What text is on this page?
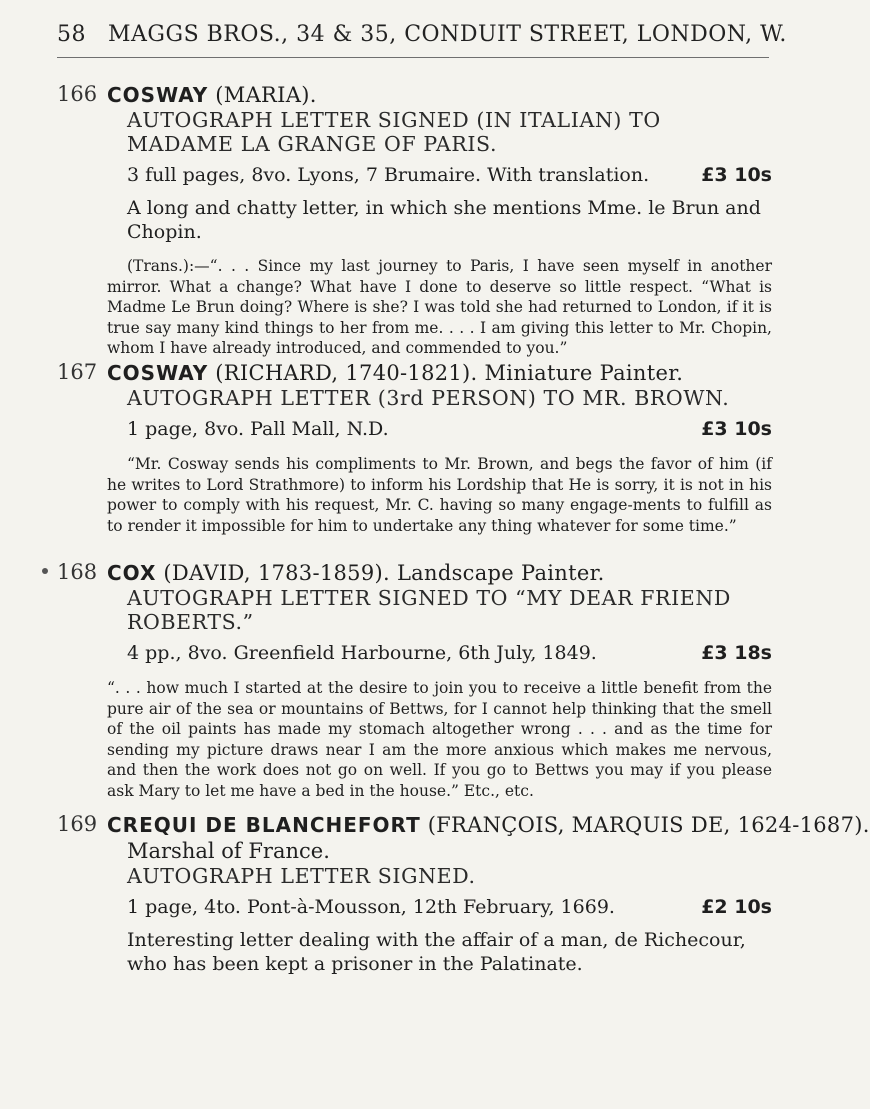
58 MAGGS BROS., 34 & 35, CONDUIT STREET, LONDON, W.
166 COSWAY (MARIA).
AUTOGRAPH LETTER SIGNED (IN ITALIAN) TO MADAME LA GRANGE OF PARIS.
3 full pages, 8vo. Lyons, 7 Brumaire. With translation.	£3 10s
A long and chatty letter, in which she mentions Mme. le Brun and Chopin.
(Trans.):—“. . . Since my last journey to Paris, I have seen myself in another mirror. What a change? What have I done to deserve so little respect. “What is Madme Le Brun doing? Where is she? I was told she had returned to London, if it is true say many kind things to her from me. . . . I am giving this letter to Mr. Chopin, whom I have already introduced, and commended to you.”
167 COSWAY (RICHARD, 1740-1821). Miniature Painter.
AUTOGRAPH LETTER (3rd PERSON) TO MR. BROWN.
1 page, 8vo. Pall Mall, N.D.	£3 10s
“Mr. Cosway sends his compliments to Mr. Brown, and begs the favor of him (if he writes to Lord Strathmore) to inform his Lordship that He is sorry, it is not in his power to comply with his request, Mr. C. having so many engage-ments to fulfill as to render it impossible for him to undertake any thing whatever for some time.”
168 COX (DAVID, 1783-1859). Landscape Painter.
AUTOGRAPH LETTER SIGNED TO “MY DEAR FRIEND ROBERTS.”
4 pp., 8vo. Greenfield Harbourne, 6th July, 1849.	£3 18s
“. . . how much I started at the desire to join you to receive a little benefit from the pure air of the sea or mountains of Bettws, for I cannot help thinking that the smell of the oil paints has made my stomach altogether wrong . . . and as the time for sending my picture draws near I am the more anxious which makes me nervous, and then the work does not go on well. If you go to Bettws you may if you please ask Mary to let me have a bed in the house.” Etc., etc.
169 CREQUI DE BLANCHEFORT (FRANÇOIS, MARQUIS DE, 1624-1687).
Marshal of France.
AUTOGRAPH LETTER SIGNED.
1 page, 4to. Pont-à-Mousson, 12th February, 1669.	£2 10s
Interesting letter dealing with the affair of a man, de Richecour, who has been kept a prisoner in the Palatinate.
